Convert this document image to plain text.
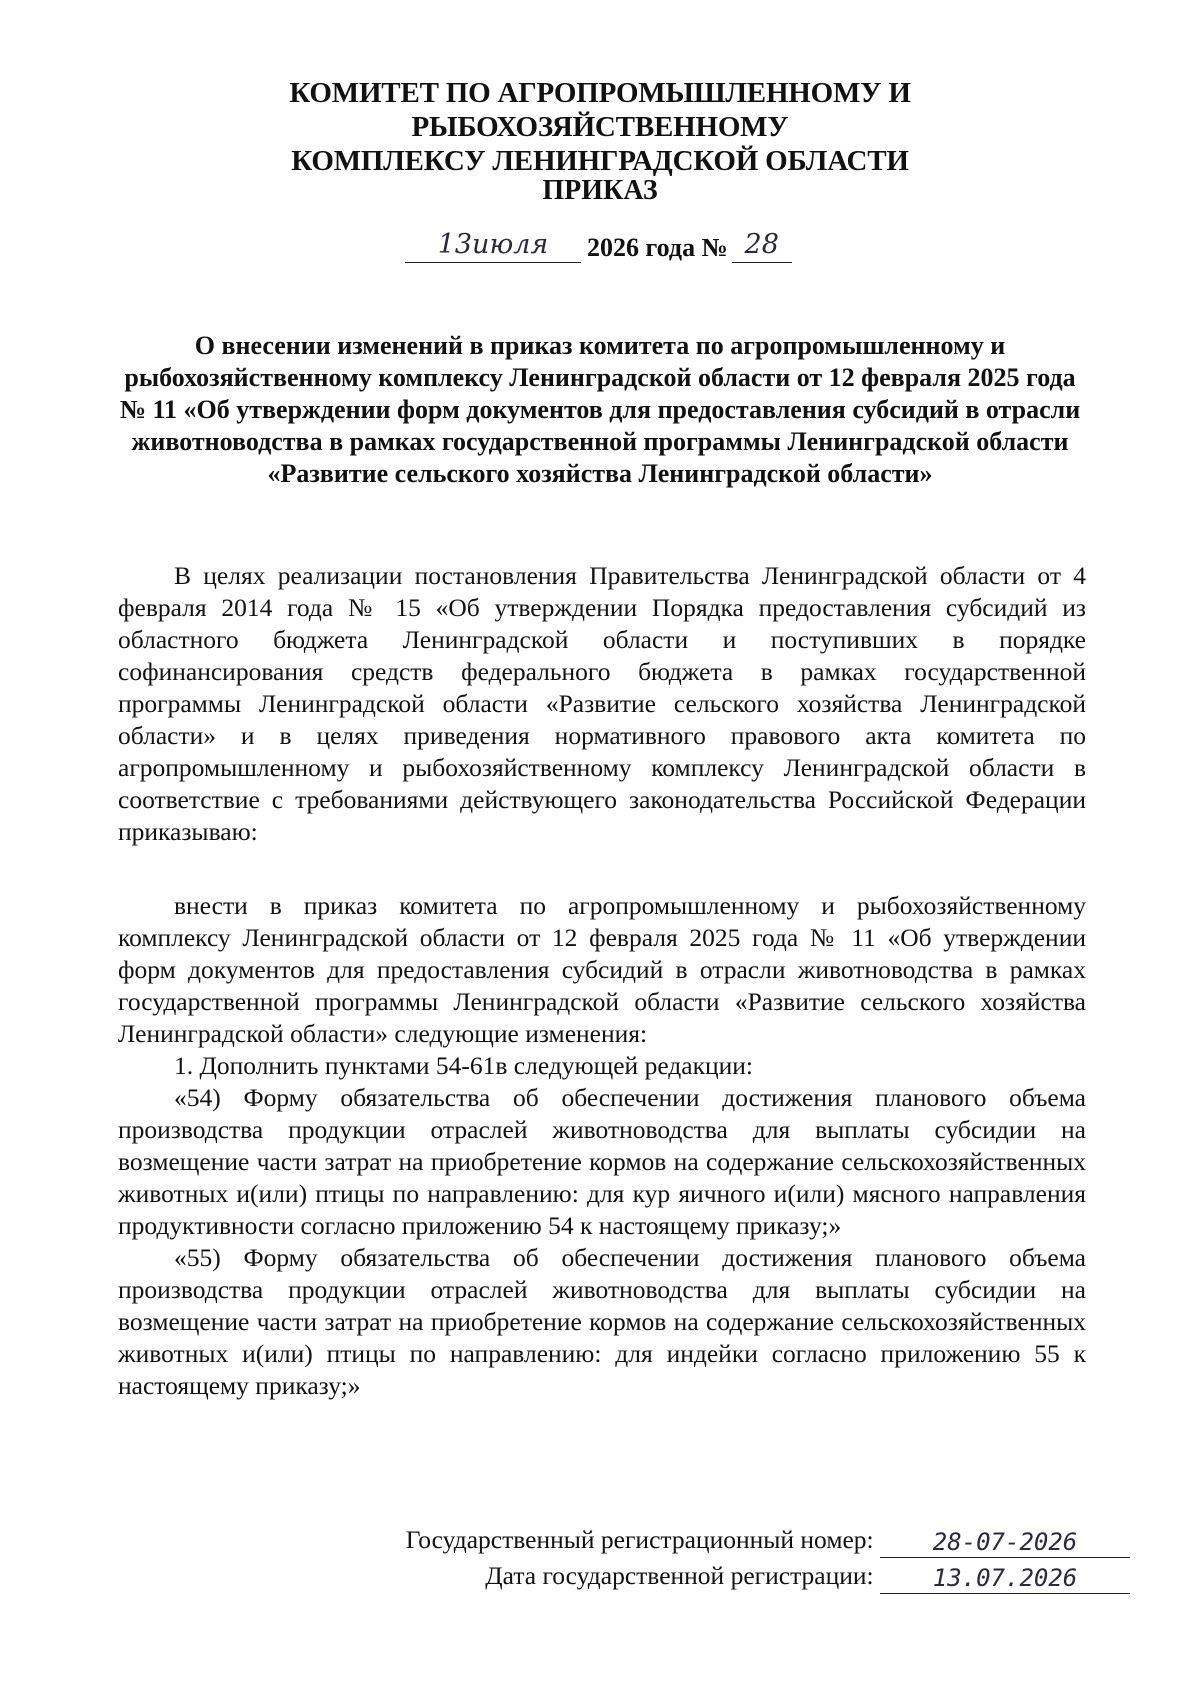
КОМИТЕТ ПО АГРОПРОМЫШЛЕННОМУ И РЫБОХОЗЯЙСТВЕННОМУ
КОМПЛЕКСУ ЛЕНИНГРАДСКОЙ ОБЛАСТИ
ПРИКАЗ
13июля 2026 года № 28
О внесении изменений в приказ комитета по агропромышленному и рыбохозяйственному комплексу Ленинградской области от 12 февраля 2025 года № 11 «Об утверждении форм документов для предоставления субсидий в отрасли животноводства в рамках государственной программы Ленинградской области «Развитие сельского хозяйства Ленинградской области»

В целях реализации постановления Правительства Ленинградской области от 4 февраля 2014 года № 15 «Об утверждении Порядка предоставления субсидий из областного бюджета Ленинградской области и поступивших в порядке софинансирования средств федерального бюджета в рамках государственной программы Ленинградской области «Развитие сельского хозяйства Ленинградской области» и в целях приведения нормативного правового акта комитета по агропромышленному и рыбохозяйственному комплексу Ленинградской области в соответствие с требованиями действующего законодательства Российской Федерации приказываю:

внести в приказ комитета по агропромышленному и рыбохозяйственному комплексу Ленинградской области от 12 февраля 2025 года № 11 «Об утверждении форм документов для предоставления субсидий в отрасли животноводства в рамках государственной программы Ленинградской области «Развитие сельского хозяйства Ленинградской области» следующие изменения:

1. Дополнить пунктами 54-61в следующей редакции:

«54) Форму обязательства об обеспечении достижения планового объема производства продукции отраслей животноводства для выплаты субсидии на возмещение части затрат на приобретение кормов на содержание сельскохозяйственных животных и(или) птицы по направлению: для кур яичного и(или) мясного направления продуктивности согласно приложению 54 к настоящему приказу;»

«55) Форму обязательства об обеспечении достижения планового объема производства продукции отраслей животноводства для выплаты субсидии на возмещение части затрат на приобретение кормов на содержание сельскохозяйственных животных и(или) птицы по направлению: для индейки согласно приложению 55 к настоящему приказу;»

Государственный регистрационный номер: 28-07-2026
Дата государственной регистрации: 13.07.2026
